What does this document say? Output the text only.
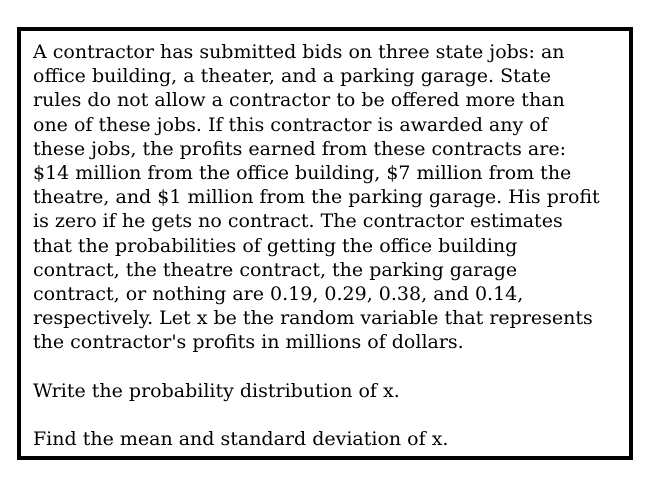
A contractor has submitted bids on three state jobs: an
office building, a theater, and a parking garage. State
rules do not allow a contractor to be offered more than
one of these jobs. If this contractor is awarded any of
these jobs, the profits earned from these contracts are:
$14 million from the office building, $7 million from the
theatre, and $1 million from the parking garage. His profit
is zero if he gets no contract. The contractor estimates
that the probabilities of getting the office building
contract, the theatre contract, the parking garage
contract, or nothing are 0.19, 0.29, 0.38, and 0.14,
respectively. Let x be the random variable that represents
the contractor's profits in millions of dollars.

Write the probability distribution of x.

Find the mean and standard deviation of x.
